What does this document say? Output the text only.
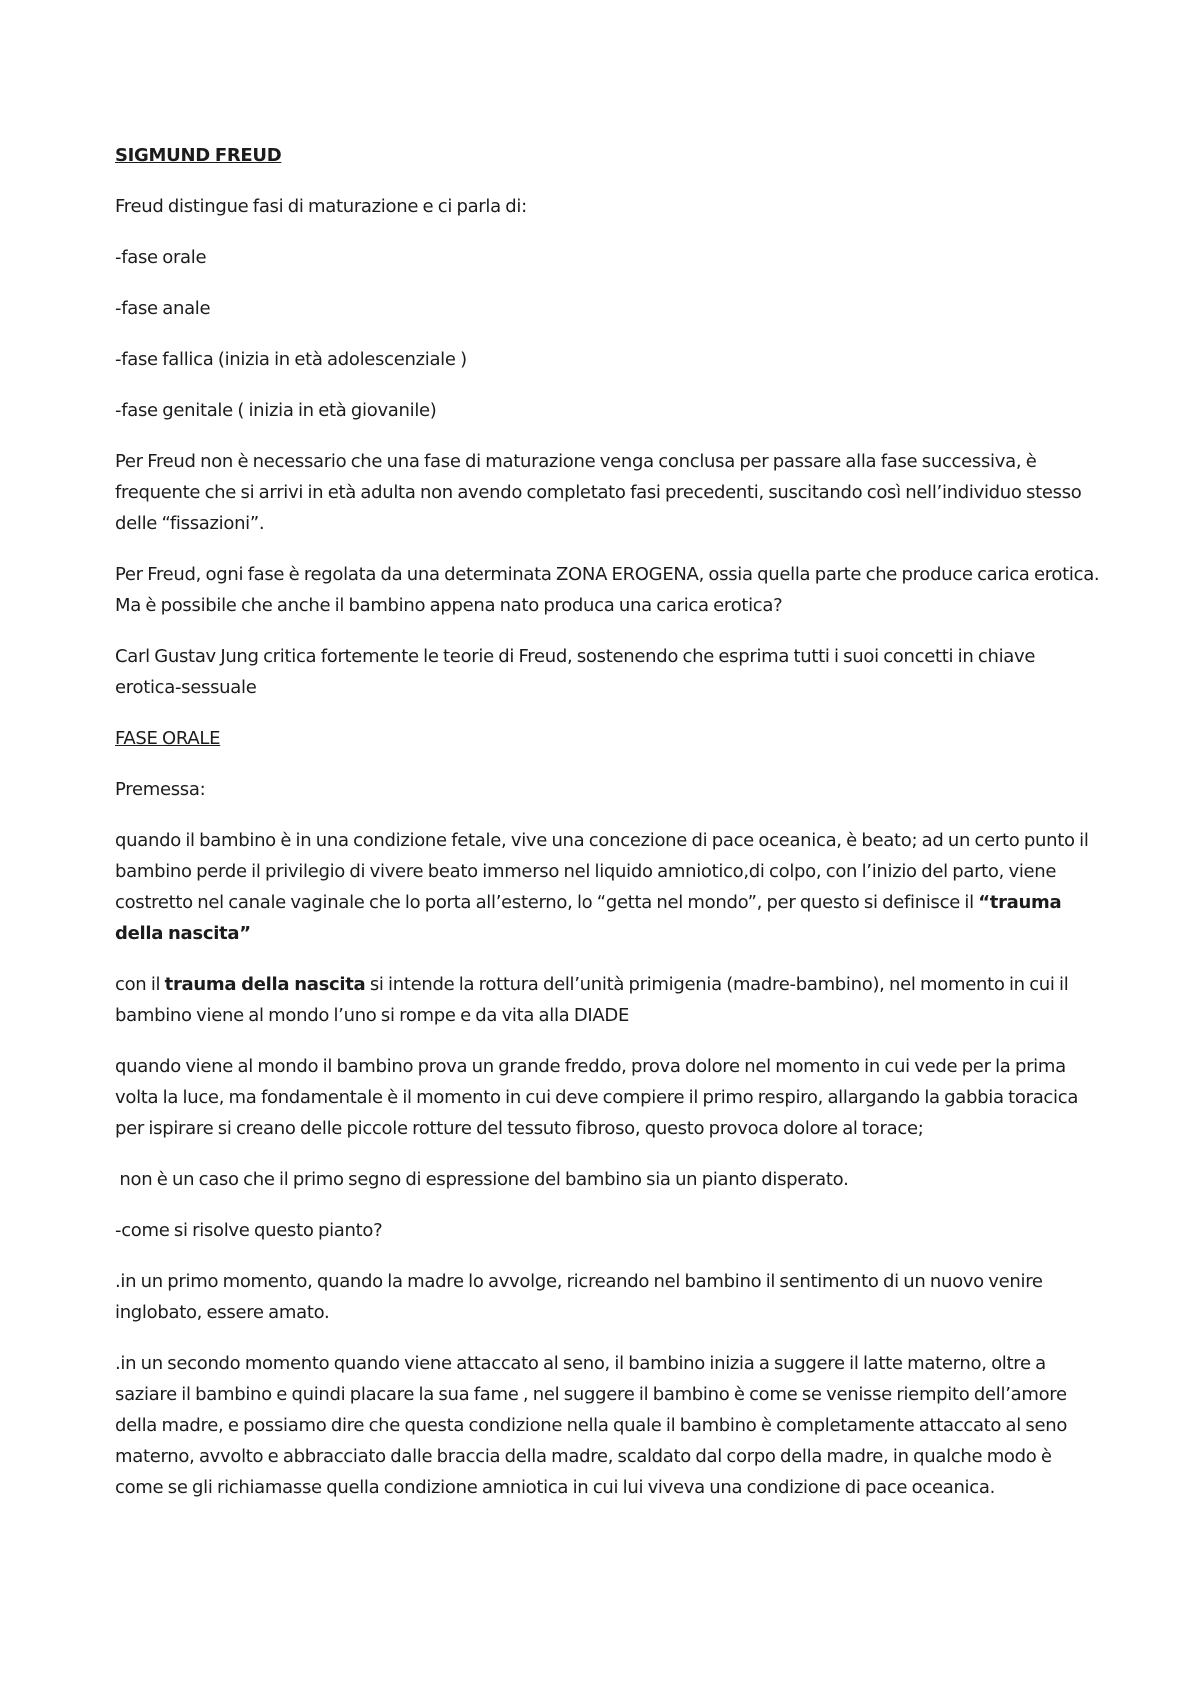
SIGMUND FREUD

Freud distingue fasi di maturazione e ci parla di:

-fase orale

-fase anale

-fase fallica (inizia in età adolescenziale )

-fase genitale ( inizia in età giovanile)

Per Freud non è necessario che una fase di maturazione venga conclusa per passare alla fase successiva, è frequente che si arrivi in età adulta non avendo completato fasi precedenti, suscitando così nell’individuo stesso delle “fissazioni”.

Per Freud, ogni fase è regolata da una determinata ZONA EROGENA, ossia quella parte che produce carica erotica. Ma è possibile che anche il bambino appena nato produca una carica erotica?

Carl Gustav Jung critica fortemente le teorie di Freud, sostenendo che esprima tutti i suoi concetti in chiave erotica-sessuale

FASE ORALE

Premessa:

quando il bambino è in una condizione fetale, vive una concezione di pace oceanica, è beato; ad un certo punto il bambino perde il privilegio di vivere beato immerso nel liquido amniotico,di colpo, con l’inizio del parto, viene costretto nel canale vaginale che lo porta all’esterno, lo “getta nel mondo”, per questo si definisce il “trauma della nascita”

con il trauma della nascita si intende la rottura dell’unità primigenia (madre-bambino), nel momento in cui il bambino viene al mondo l’uno si rompe e da vita alla DIADE

quando viene al mondo il bambino prova un grande freddo, prova dolore nel momento in cui vede per la prima volta la luce, ma fondamentale è il momento in cui deve compiere il primo respiro, allargando la gabbia toracica per ispirare si creano delle piccole rotture del tessuto fibroso, questo provoca dolore al torace;

non è un caso che il primo segno di espressione del bambino sia un pianto disperato.

-come si risolve questo pianto?

.in un primo momento, quando la madre lo avvolge, ricreando nel bambino il sentimento di un nuovo venire inglobato, essere amato.

.in un secondo momento quando viene attaccato al seno, il bambino inizia a suggere il latte materno, oltre a saziare il bambino e quindi placare la sua fame , nel suggere il bambino è come se venisse riempito dell’amore della madre, e possiamo dire che questa condizione nella quale il bambino è completamente attaccato al seno materno, avvolto e abbracciato dalle braccia della madre, scaldato dal corpo della madre, in qualche modo è come se gli richiamasse quella condizione amniotica in cui lui viveva una condizione di pace oceanica.
